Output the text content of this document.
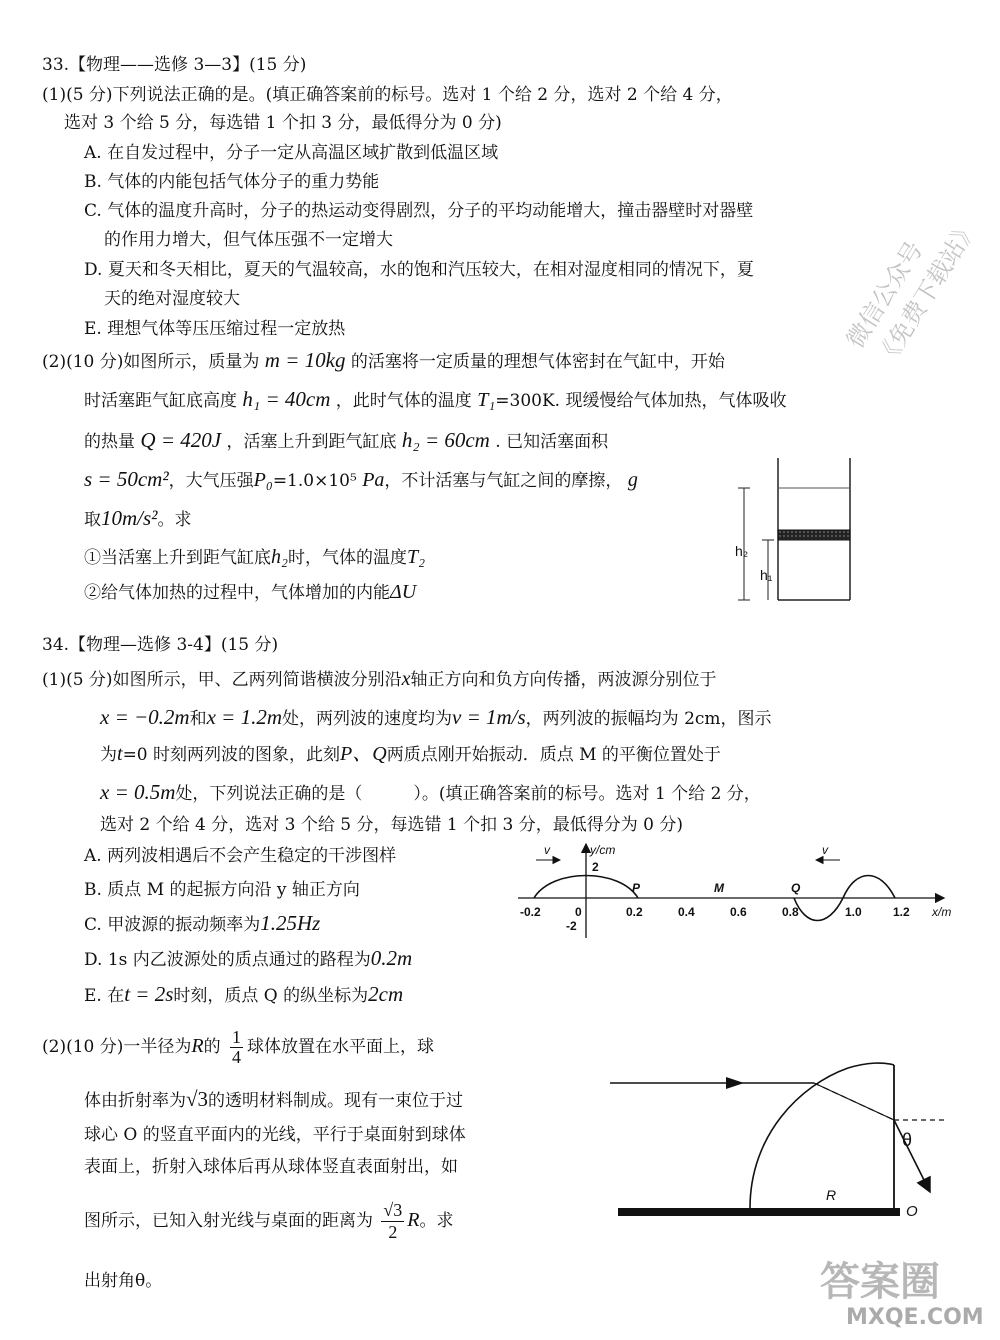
33.【物理——选修 3—3】(15 分)
(1)(5 分)下列说法正确的是。(填正确答案前的标号。选对 1 个给 2 分，选对 2 个给 4 分，
选对 3 个给 5 分，每选错 1 个扣 3 分，最低得分为 0 分)
A. 在自发过程中，分子一定从高温区域扩散到低温区域
B. 气体的内能包括气体分子的重力势能
C. 气体的温度升高时，分子的热运动变得剧烈，分子的平均动能增大，撞击器壁时对器壁
的作用力增大，但气体压强不一定增大
D. 夏天和冬天相比，夏天的气温较高，水的饱和汽压较大，在相对湿度相同的情况下，夏
天的绝对湿度较大
E. 理想气体等压压缩过程一定放热
(2)(10 分)如图所示，质量为 m = 10kg 的活塞将一定质量的理想气体密封在气缸中，开始
时活塞距气缸底高度 h₁ = 40cm ，此时气体的温度 T₁=300K. 现缓慢给气体加热，气体吸收
的热量 Q = 420J ，活塞上升到距气缸底 h₂ = 60cm . 已知活塞面积
s = 50cm²，大气压强P₀=1.0×10⁵ Pa，不计活塞与气缸之间的摩擦， g
取10m/s²。求
①当活塞上升到距气缸底h₂时，气体的温度T₂
②给气体加热的过程中，气体增加的内能ΔU
h₂
h₁
34.【物理—选修 3-4】(15 分)
(1)(5 分)如图所示，甲、乙两列简谐横波分别沿x轴正方向和负方向传播，两波源分别位于
x = −0.2m和x = 1.2m处，两列波的速度均为v = 1m/s，两列波的振幅均为 2cm，图示
为t=0 时刻两列波的图象，此刻P、Q两质点刚开始振动．质点 M 的平衡位置处于
x = 0.5m处，下列说法正确的是（　　　）。(填正确答案前的标号。选对 1 个给 2 分，
选对 2 个给 4 分，选对 3 个给 5 分，每选错 1 个扣 3 分，最低得分为 0 分)
A. 两列波相遇后不会产生稳定的干涉图样
B. 质点 M 的起振方向沿 y 轴正方向
C. 甲波源的振动频率为1.25Hz
D. 1s 内乙波源处的质点通过的路程为0.2m
E. 在t = 2s时刻，质点 Q 的纵坐标为2cm
v	v
y/cm
x/m
2
-2
0
-0.2	0.2	0.4	0.6	0.8	1.0	1.2
P	M	Q
(2)(10 分)一半径为R的 $\frac{1}{4}$ 球体放置在水平面上，球
体由折射率为√3的透明材料制成。现有一束位于过
球心 O 的竖直平面内的光线，平行于桌面射到球体
表面上，折射入球体后再从球体竖直表面射出，如
图所示，已知入射光线与桌面的距离为 $\frac{√3}{2}$ R。求
出射角θ。
θ
R
O
微信公众号《免费下载站》
答案圈
MXQE.COM
